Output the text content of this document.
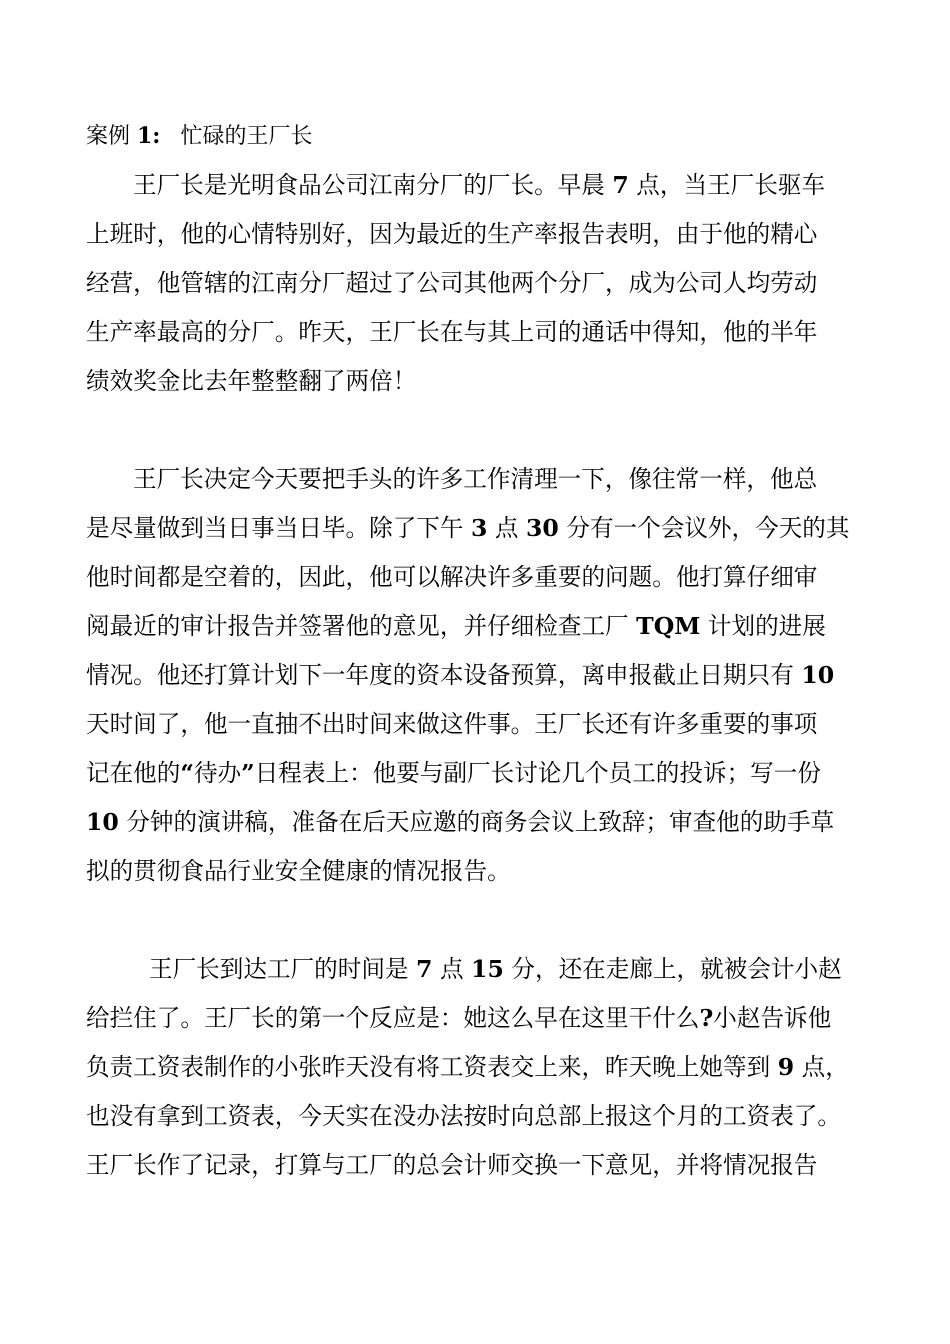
案例 1: 忙碌的王厂长
王厂长是光明食品公司江南分厂的厂长。早晨 7 点，当王厂长驱车
上班时，他的心情特别好，因为最近的生产率报告表明，由于他的精心
经营，他管辖的江南分厂超过了公司其他两个分厂，成为公司人均劳动
生产率最高的分厂。昨天，王厂长在与其上司的通话中得知，他的半年
绩效奖金比去年整整翻了两倍！
王厂长决定今天要把手头的许多工作清理一下，像往常一样，他总
是尽量做到当日事当日毕。除了下午 3 点 30 分有一个会议外，今天的其
他时间都是空着的，因此，他可以解决许多重要的问题。他打算仔细审
阅最近的审计报告并签署他的意见，并仔细检查工厂 TQM 计划的进展
情况。他还打算计划下一年度的资本设备预算，离申报截止日期只有 10
天时间了，他一直抽不出时间来做这件事。王厂长还有许多重要的事项
记在他的“待办”日程表上：他要与副厂长讨论几个员工的投诉；写一份
10 分钟的演讲稿，准备在后天应邀的商务会议上致辞；审查他的助手草
拟的贯彻食品行业安全健康的情况报告。
王厂长到达工厂的时间是 7 点 15 分，还在走廊上，就被会计小赵
给拦住了。王厂长的第一个反应是：她这么早在这里干什么?小赵告诉他
负责工资表制作的小张昨天没有将工资表交上来，昨天晚上她等到 9 点，
也没有拿到工资表，今天实在没办法按时向总部上报这个月的工资表了。
王厂长作了记录，打算与工厂的总会计师交换一下意见，并将情况报告
